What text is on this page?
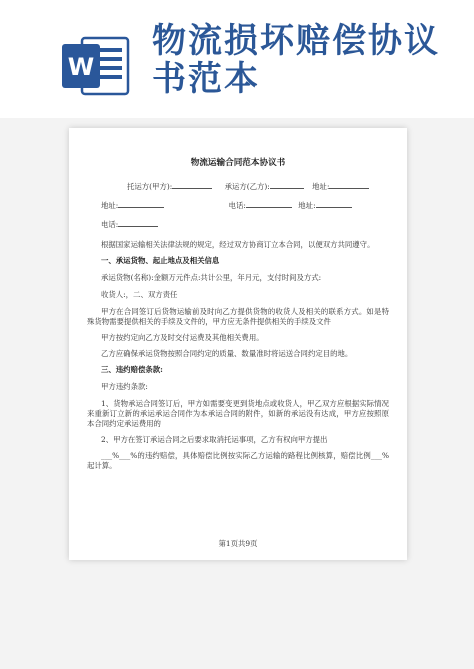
W
物流损坏赔偿协议书范本
物流运输合同范本协议书
托运方(甲方):	承运方(乙方):	地址:
地址:	电话:	地址:
电话:
根据国家运输相关法律法规的规定，经过双方协商订立本合同，以便双方共同遵守。
一、承运货物、起止地点及相关信息
承运货物(名称):金额万元件点:共计公里，年月元，支付时间及方式:
收货人:，二、双方责任
甲方在合同签订后货物运输前及时向乙方提供货物的收货人及相关的联系方式。如是特殊货物需要提供相关的手续及文件的，甲方应无条件提供相关的手续及文件
甲方按约定向乙方及时交付运费及其他相关费用。
乙方应确保承运货物按照合同约定的质量、数量准时将运送合同约定目的地。
三、违约赔偿条款:
甲方违约条款:
1、货物承运合同签订后，甲方如需要变更到货地点或收货人，甲乙双方应根据实际情况来重新订立新的承运承运合同作为本承运合同的附件，如新的承运没有达成，甲方应按照原本合同约定承运费用的
2、甲方在签订承运合同之后要求取消托运事项，乙方有权向甲方提出
___%___%的违约赔偿，具体赔偿比例按实际乙方运输的路程比例核算，赔偿比例___%起计算。
第1页共9页
